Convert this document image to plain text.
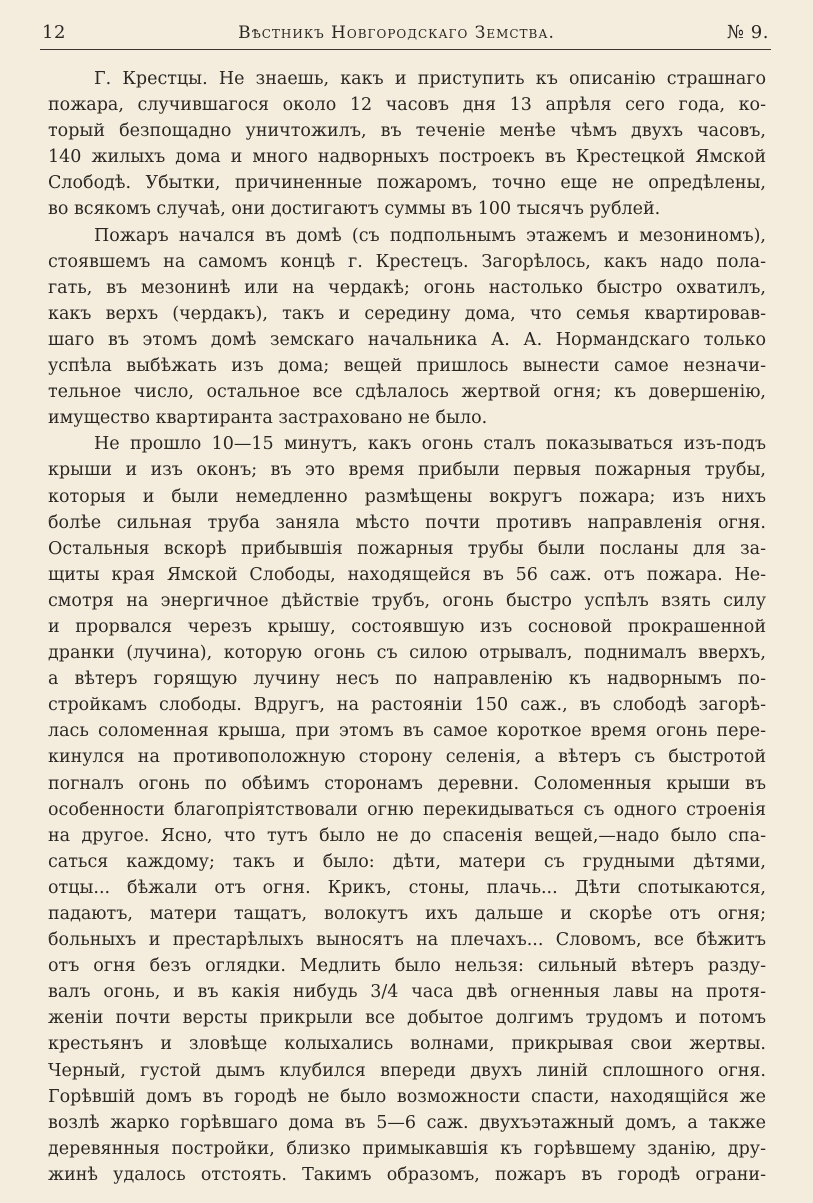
12	Вѣстникъ Новгородскаго Земства.	№ 9.
Г. Крестцы. Не знаешь, какъ и приступить къ описанію страшнаго
пожара, случившагося около 12 часовъ дня 13 апрѣля сего года, ко-
торый безпощадно уничтожилъ, въ теченіе менѣе чѣмъ двухъ часовъ,
140 жилыхъ дома и много надворныхъ построекъ въ Крестецкой Ямской
Слободѣ. Убытки, причиненные пожаромъ, точно еще не опредѣлены,
во всякомъ случаѣ, они достигаютъ суммы въ 100 тысячъ рублей.
Пожаръ начался въ домѣ (съ подпольнымъ этажемъ и мезониномъ),
стоявшемъ на самомъ концѣ г. Крестецъ. Загорѣлось, какъ надо пола-
гать, въ мезонинѣ или на чердакѣ; огонь настолько быстро охватилъ,
какъ верхъ (чердакъ), такъ и середину дома, что семья квартировав-
шаго въ этомъ домѣ земскаго начальника А. А. Нормандскаго только
успѣла выбѣжать изъ дома; вещей пришлось вынести самое незначи-
тельное число, остальное все сдѣлалось жертвой огня; къ довершенію,
имущество квартиранта застраховано не было.
Не прошло 10—15 минутъ, какъ огонь сталъ показываться изъ-подъ
крыши и изъ оконъ; въ это время прибыли первыя пожарныя трубы,
которыя и были немедленно размѣщены вокругъ пожара; изъ нихъ
болѣе сильная труба заняла мѣсто почти противъ направленія огня.
Остальныя вскорѣ прибывшія пожарныя трубы были посланы для за-
щиты края Ямской Слободы, находящейся въ 56 саж. отъ пожара. Не-
смотря на энергичное дѣйствіе трубъ, огонь быстро успѣлъ взять силу
и прорвался черезъ крышу, состоявшую изъ сосновой прокрашенной
дранки (лучина), которую огонь съ силою отрывалъ, поднималъ вверхъ,
а вѣтеръ горящую лучину несъ по направленію къ надворнымъ по-
стройкамъ слободы. Вдругъ, на растояніи 150 саж., въ слободѣ загорѣ-
лась соломенная крыша, при этомъ въ самое короткое время огонь пере-
кинулся на противоположную сторону селенія, а вѣтеръ съ быстротой
погналъ огонь по обѣимъ сторонамъ деревни. Соломенныя крыши въ
особенности благопріятствовали огню перекидываться съ одного строенія
на другое. Ясно, что тутъ было не до спасенія вещей,—надо было спа-
саться каждому; такъ и было: дѣти, матери съ грудными дѣтями,
отцы... бѣжали отъ огня. Крикъ, стоны, плачь... Дѣти спотыкаются,
падаютъ, матери тащатъ, волокутъ ихъ дальше и скорѣе отъ огня;
больныхъ и престарѣлыхъ выносятъ на плечахъ... Словомъ, все бѣжитъ
отъ огня безъ оглядки. Медлить было нельзя: сильный вѣтеръ разду-
валъ огонь, и въ какія нибудь 3/4 часа двѣ огненныя лавы на протя-
женіи почти версты прикрыли все добытое долгимъ трудомъ и потомъ
крестьянъ и зловѣще колыхались волнами, прикрывая свои жертвы.
Черный, густой дымъ клубился впереди двухъ линій сплошного огня.
Горѣвшій домъ въ городѣ не было возможности спасти, находящійся же
возлѣ жарко горѣвшаго дома въ 5—6 саж. двухъэтажный домъ, а также
деревянныя постройки, близко примыкавшія къ горѣвшему зданію, дру-
жинѣ удалось отстоять. Такимъ образомъ, пожаръ въ городѣ ограни-
